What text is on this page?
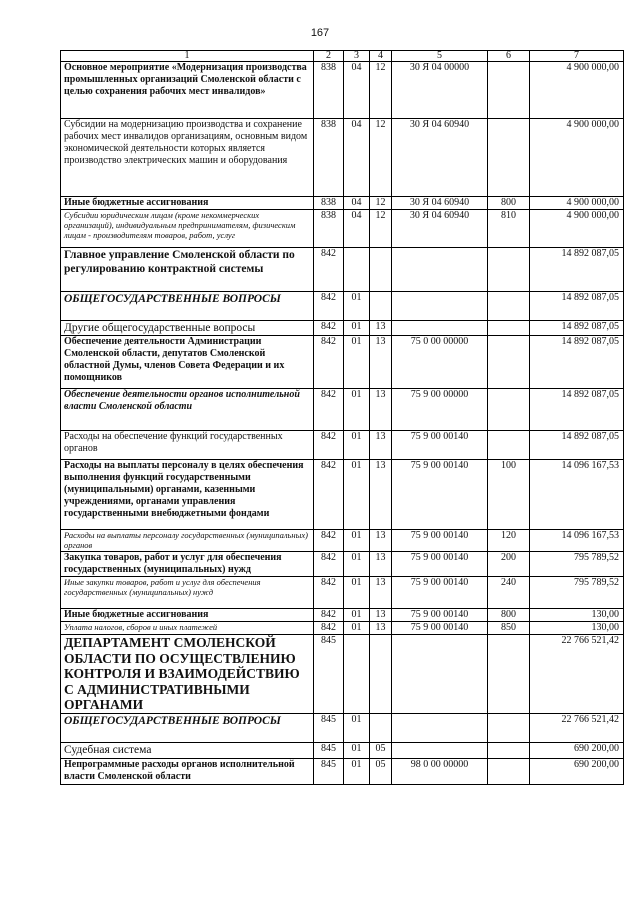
167
1	2	3	4	5	6	7
Основное мероприятие «Модернизация производства промышленных организаций Смоленской области с целью сохранения рабочих мест инвалидов»	838	04	12	30 Я 04 00000		4 900 000,00
Субсидии на модернизацию производства и сохранение рабочих мест инвалидов организациям, основным видом экономической деятельности которых является производство электрических машин и оборудования	838	04	12	30 Я 04 60940		4 900 000,00
Иные бюджетные ассигнования	838	04	12	30 Я 04 60940	800	4 900 000,00
Субсидии юридическим лицам (кроме некоммерческих организаций), индивидуальным предпринимателям, физическим лицам - производителям товаров, работ, услуг	838	04	12	30 Я 04 60940	810	4 900 000,00
Главное управление Смоленской области по регулированию контрактной системы	842					14 892 087,05
ОБЩЕГОСУДАРСТВЕННЫЕ ВОПРОСЫ	842	01				14 892 087,05
Другие общегосударственные вопросы	842	01	13			14 892 087,05
Обеспечение деятельности Администрации Смоленской области, депутатов Смоленской областной Думы, членов Совета Федерации и их помощников	842	01	13	75 0 00 00000		14 892 087,05
Обеспечение деятельности органов исполнительной власти Смоленской области	842	01	13	75 9 00 00000		14 892 087,05
Расходы на обеспечение функций государственных органов	842	01	13	75 9 00 00140		14 892 087,05
Расходы на выплаты персоналу в целях обеспечения выполнения функций государственными (муниципальными) органами, казенными учреждениями, органами управления государственными внебюджетными фондами	842	01	13	75 9 00 00140	100	14 096 167,53
Расходы на выплаты персоналу государственных (муниципальных) органов	842	01	13	75 9 00 00140	120	14 096 167,53
Закупка товаров, работ и услуг для обеспечения государственных (муниципальных) нужд	842	01	13	75 9 00 00140	200	795 789,52
Иные закупки товаров, работ и услуг для обеспечения государственных (муниципальных) нужд	842	01	13	75 9 00 00140	240	795 789,52
Иные бюджетные ассигнования	842	01	13	75 9 00 00140	800	130,00
Уплата налогов, сборов и иных платежей	842	01	13	75 9 00 00140	850	130,00
ДЕПАРТАМЕНТ СМОЛЕНСКОЙ ОБЛАСТИ ПО ОСУЩЕСТВЛЕНИЮ КОНТРОЛЯ И ВЗАИМОДЕЙСТВИЮ С АДМИНИСТРАТИВНЫМИ ОРГАНАМИ	845					22 766 521,42
ОБЩЕГОСУДАРСТВЕННЫЕ ВОПРОСЫ	845	01				22 766 521,42
Судебная система	845	01	05			690 200,00
Непрограммные расходы органов исполнительной власти Смоленской области	845	01	05	98 0 00 00000		690 200,00
